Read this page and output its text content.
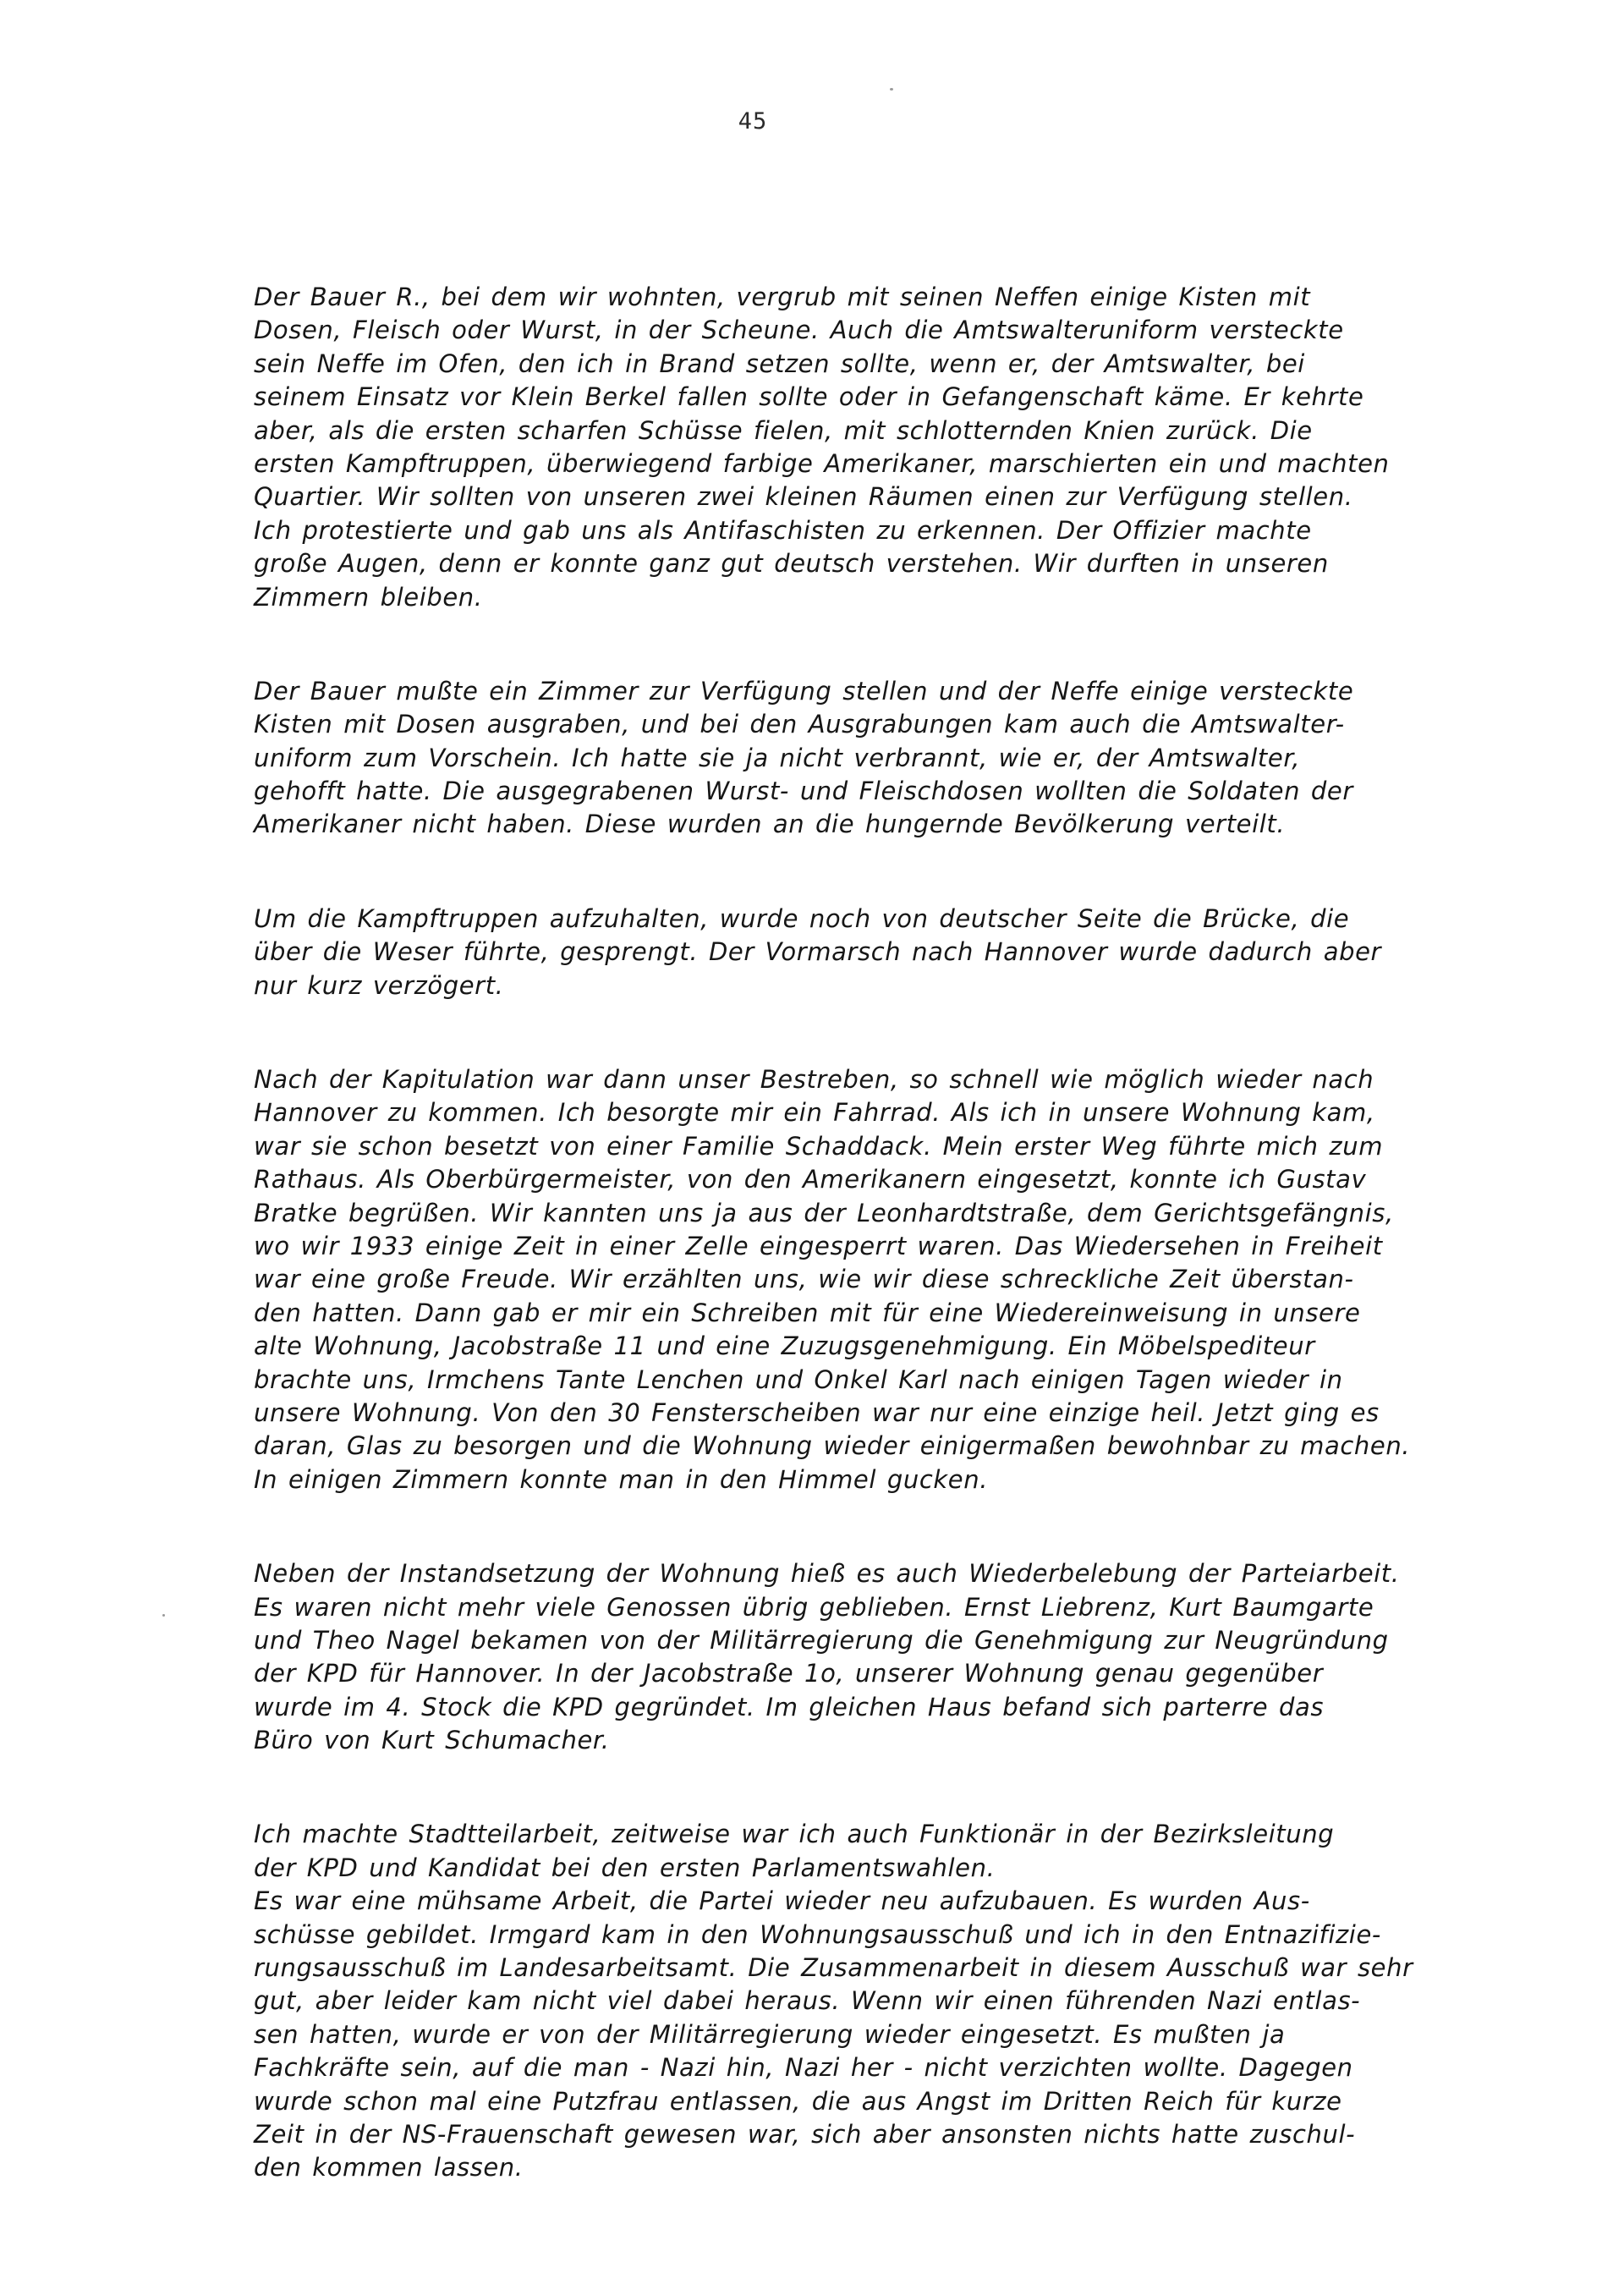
45
Der Bauer R., bei dem wir wohnten, vergrub mit seinen Neffen einige Kisten mit
Dosen, Fleisch oder Wurst, in der Scheune. Auch die Amtswalteruniform versteckte
sein Neffe im Ofen, den ich in Brand setzen sollte, wenn er, der Amtswalter, bei
seinem Einsatz vor Klein Berkel fallen sollte oder in Gefangenschaft käme. Er kehrte
aber, als die ersten scharfen Schüsse fielen, mit schlotternden Knien zurück. Die
ersten Kampftruppen, überwiegend farbige Amerikaner, marschierten ein und machten
Quartier. Wir sollten von unseren zwei kleinen Räumen einen zur Verfügung stellen.
Ich protestierte und gab uns als Antifaschisten zu erkennen. Der Offizier machte
große Augen, denn er konnte ganz gut deutsch verstehen. Wir durften in unseren
Zimmern bleiben.
Der Bauer mußte ein Zimmer zur Verfügung stellen und der Neffe einige versteckte
Kisten mit Dosen ausgraben, und bei den Ausgrabungen kam auch die Amtswalter-
uniform zum Vorschein. Ich hatte sie ja nicht verbrannt, wie er, der Amtswalter,
gehofft hatte. Die ausgegrabenen Wurst- und Fleischdosen wollten die Soldaten der
Amerikaner nicht haben. Diese wurden an die hungernde Bevölkerung verteilt.
Um die Kampftruppen aufzuhalten, wurde noch von deutscher Seite die Brücke, die
über die Weser führte, gesprengt. Der Vormarsch nach Hannover wurde dadurch aber
nur kurz verzögert.
Nach der Kapitulation war dann unser Bestreben, so schnell wie möglich wieder nach
Hannover zu kommen. Ich besorgte mir ein Fahrrad. Als ich in unsere Wohnung kam,
war sie schon besetzt von einer Familie Schaddack. Mein erster Weg führte mich zum
Rathaus. Als Oberbürgermeister, von den Amerikanern eingesetzt, konnte ich Gustav
Bratke begrüßen. Wir kannten uns ja aus der Leonhardtstraße, dem Gerichtsgefängnis,
wo wir 1933 einige Zeit in einer Zelle eingesperrt waren. Das Wiedersehen in Freiheit
war eine große Freude. Wir erzählten uns, wie wir diese schreckliche Zeit überstan-
den hatten. Dann gab er mir ein Schreiben mit für eine Wiedereinweisung in unsere
alte Wohnung, Jacobstraße 11 und eine Zuzugsgenehmigung. Ein Möbelspediteur
brachte uns, Irmchens Tante Lenchen und Onkel Karl nach einigen Tagen wieder in
unsere Wohnung. Von den 30 Fensterscheiben war nur eine einzige heil. Jetzt ging es
daran, Glas zu besorgen und die Wohnung wieder einigermaßen bewohnbar zu machen.
In einigen Zimmern konnte man in den Himmel gucken.
Neben der Instandsetzung der Wohnung hieß es auch Wiederbelebung der Parteiarbeit.
Es waren nicht mehr viele Genossen übrig geblieben. Ernst Liebrenz, Kurt Baumgarte
und Theo Nagel bekamen von der Militärregierung die Genehmigung zur Neugründung
der KPD für Hannover. In der Jacobstraße 1o, unserer Wohnung genau gegenüber
wurde im 4. Stock die KPD gegründet. Im gleichen Haus befand sich parterre das
Büro von Kurt Schumacher.
Ich machte Stadtteilarbeit, zeitweise war ich auch Funktionär in der Bezirksleitung
der KPD und Kandidat bei den ersten Parlamentswahlen.
Es war eine mühsame Arbeit, die Partei wieder neu aufzubauen. Es wurden Aus-
schüsse gebildet. Irmgard kam in den Wohnungsausschuß und ich in den Entnazifizie-
rungsausschuß im Landesarbeitsamt. Die Zusammenarbeit in diesem Ausschuß war sehr
gut, aber leider kam nicht viel dabei heraus. Wenn wir einen führenden Nazi entlas-
sen hatten, wurde er von der Militärregierung wieder eingesetzt. Es mußten ja
Fachkräfte sein, auf die man - Nazi hin, Nazi her - nicht verzichten wollte. Dagegen
wurde schon mal eine Putzfrau entlassen, die aus Angst im Dritten Reich für kurze
Zeit in der NS-Frauenschaft gewesen war, sich aber ansonsten nichts hatte zuschul-
den kommen lassen.
